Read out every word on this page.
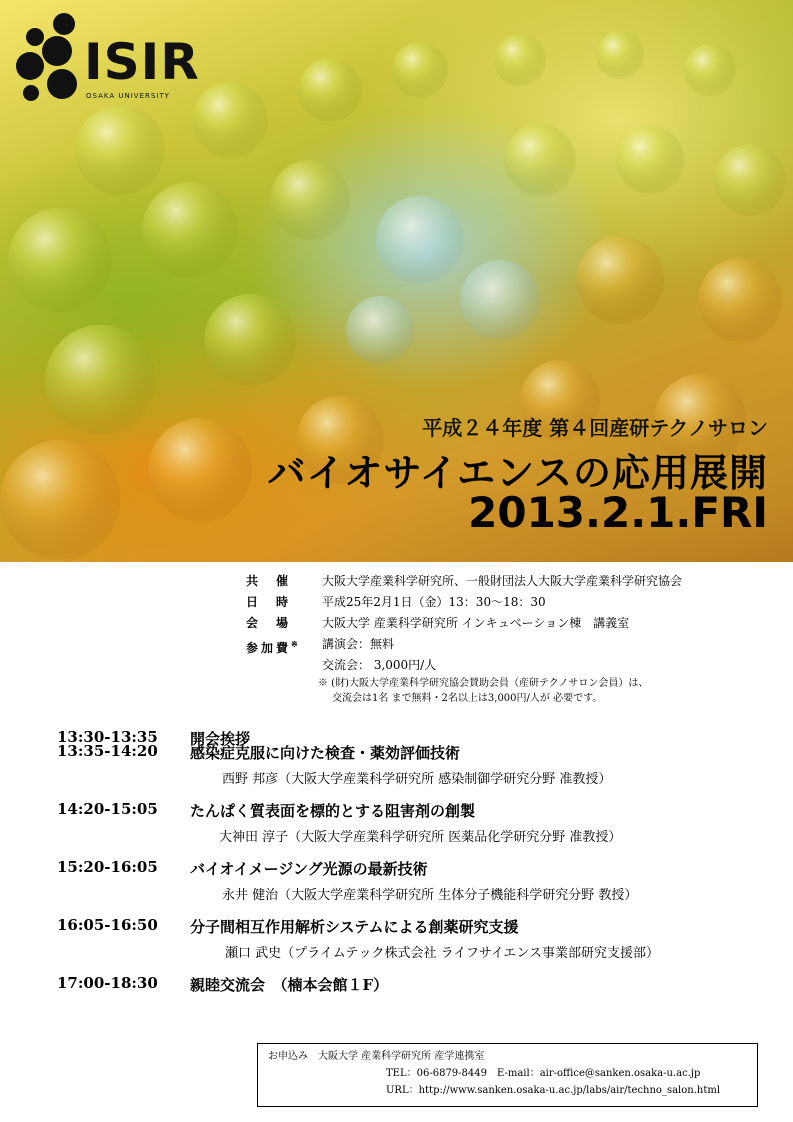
ISIR
OSAKA UNIVERSITY
平成２４年度 第４回産研テクノサロン
バイオサイエンスの応用展開
2013.2.1.FRI
共　催	大阪大学産業科学研究所、一般財団法人大阪大学産業科学研究協会
日　時	平成25年2月1日（金）13：30～18：30
会　場	大阪大学 産業科学研究所 インキュベーション棟　講義室
参加費※	講演会：無料
交流会： 3,000円/人
※ (財)大阪大学産業科学研究協会賛助会員（産研テクノサロン会員）は、
交流会は1名 まで無料・2名以上は3,000円/人が 必要です。
13:30-13:35 開会挨拶
13:35-14:20 感染症克服に向けた検査・薬効評価技術
西野 邦彦（大阪大学産業科学研究所 感染制御学研究分野 准教授）
14:20-15:05 たんぱく質表面を標的とする阻害剤の創製
大神田 淳子（大阪大学産業科学研究所 医薬品化学研究分野 准教授）
15:20-16:05 バイオイメージング光源の最新技術
永井 健治（大阪大学産業科学研究所 生体分子機能科学研究分野 教授）
16:05-16:50 分子間相互作用解析システムによる創薬研究支援
瀬口 武史（プライムテック株式会社 ライフサイエンス事業部研究支援部）
17:00-18:30 親睦交流会　（楠本会館１F）
お申込み　大阪大学 産業科学研究所 産学連携室
TEL：06-6879-8449　E-mail：air-office@sanken.osaka-u.ac.jp
URL：http://www.sanken.osaka-u.ac.jp/labs/air/techno_salon.html
